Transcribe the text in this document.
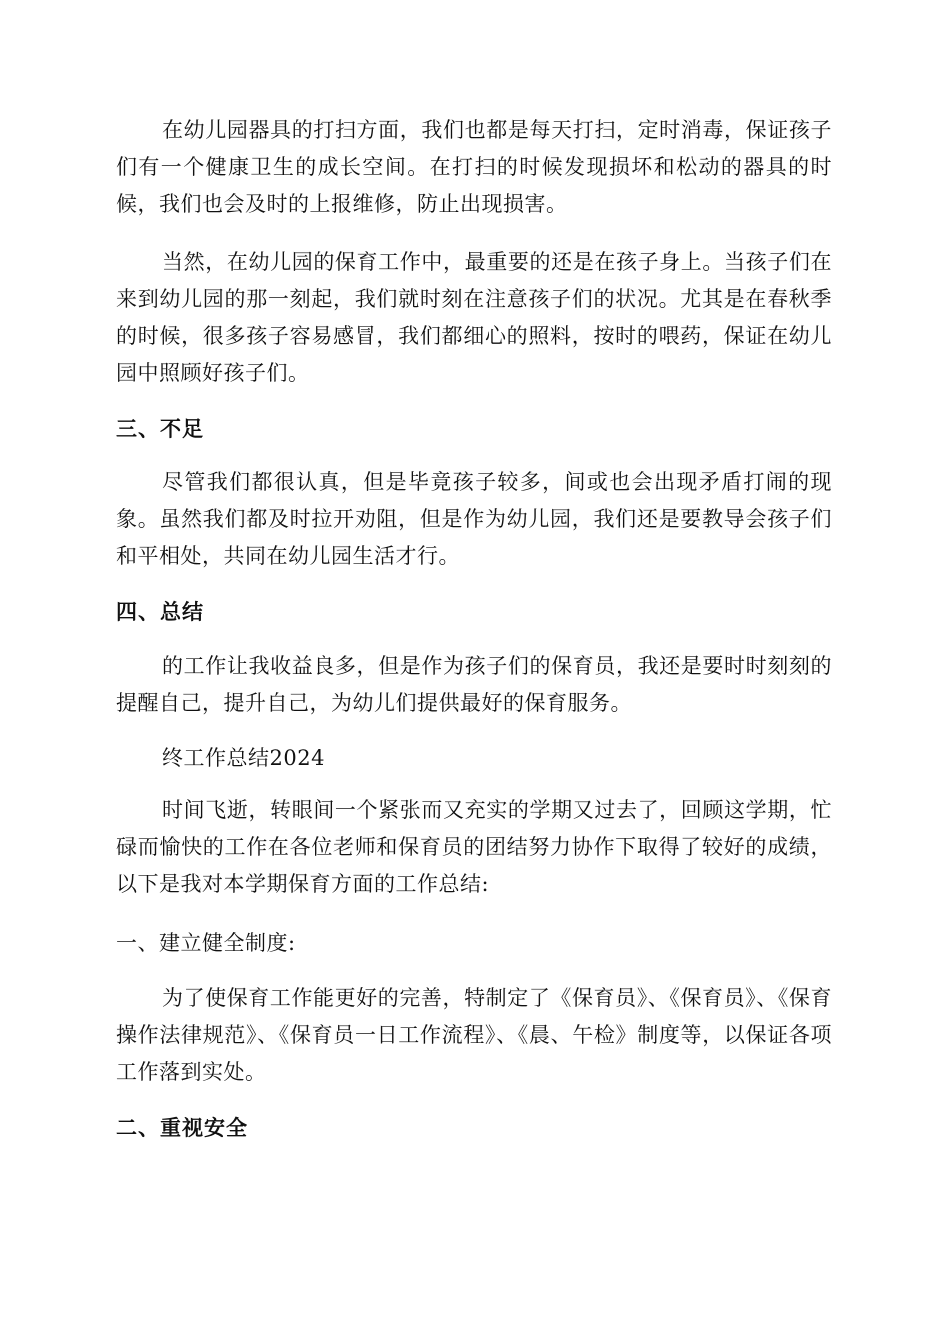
在幼儿园器具的打扫方面，我们也都是每天打扫，定时消毒，保证孩子们有一个健康卫生的成长空间。在打扫的时候发现损坏和松动的器具的时候，我们也会及时的上报维修，防止出现损害。

当然，在幼儿园的保育工作中，最重要的还是在孩子身上。当孩子们在来到幼儿园的那一刻起，我们就时刻在注意孩子们的状况。尤其是在春秋季的时候，很多孩子容易感冒，我们都细心的照料，按时的喂药，保证在幼儿园中照顾好孩子们。

三、不足

尽管我们都很认真，但是毕竟孩子较多，间或也会出现矛盾打闹的现象。虽然我们都及时拉开劝阻，但是作为幼儿园，我们还是要教导会孩子们和平相处，共同在幼儿园生活才行。

四、总结

的工作让我收益良多，但是作为孩子们的保育员，我还是要时时刻刻的提醒自己，提升自己，为幼儿们提供最好的保育服务。

终工作总结2024

时间飞逝，转眼间一个紧张而又充实的学期又过去了，回顾这学期，忙碌而愉快的工作在各位老师和保育员的团结努力协作下取得了较好的成绩，以下是我对本学期保育方面的工作总结:

一、建立健全制度:

为了使保育工作能更好的完善，特制定了《保育员》、《保育员》、《保育操作法律规范》、《保育员一日工作流程》、《晨、午检》制度等，以保证各项工作落到实处。

二、重视安全
